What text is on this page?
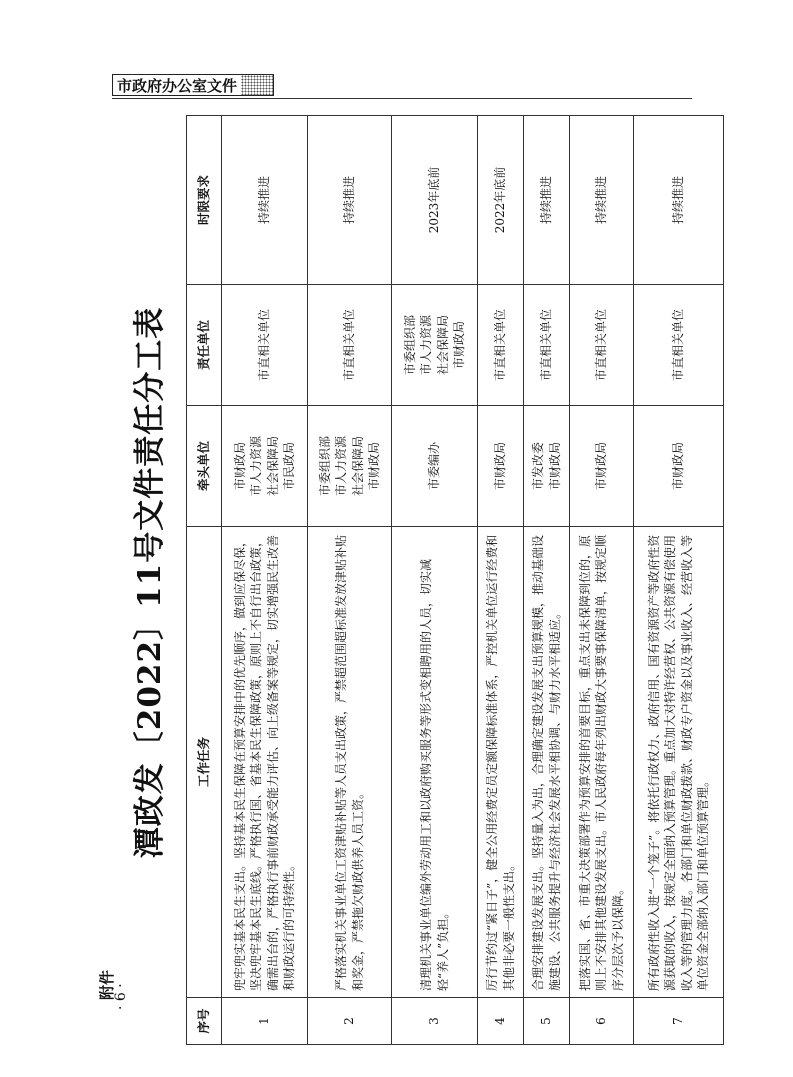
市政府办公室文件
· 6 ·
附件
潭政发〔2022〕11号文件责任分工表
序号	工作任务	牵头单位	责任单位	时限要求
1	兜牢兜实基本民生支出。坚持基本民生保障在预算安排中的优先顺序，做到应保尽保，坚决兜牢基本民生底线。严格执行国、省基本民生保障政策，原则上不自行出台政策，确需出台的，严格执行事前财政承受能力评估、向上级备案等规定，切实增强民生改善和财政运行的可持续性。	市财政局
市人力资源
社会保障局
市民政局	市直相关单位	持续推进
2	严格落实机关事业单位工资津贴补贴等人员支出政策，严禁超范围超标准发放津贴补贴和奖金，严禁拖欠财政供养人员工资。	市委组织部
市人力资源
社会保障局
市财政局	市直相关单位	持续推进
3	清理机关事业单位编外劳动用工和以政府购买服务等形式变相聘用的人员，切实减轻“养人”负担。	市委编办	市委组织部
市人力资源
社会保障局
市财政局	2023年底前
4	厉行节约过“紧日子”，健全公用经费定员定额保障标准体系，严控机关单位运行经费和其他非必要一般性支出。	市财政局	市直相关单位	2022年底前
5	合理安排建设发展支出。坚持量入为出，合理确定建设发展支出预算规模，推动基础设施建设、公共服务提升与经济社会发展水平相协调、与财力水平相适应。	市发改委
市财政局	市直相关单位	持续推进
6	把落实国、省、市重大决策部署作为预算安排的首要目标，重点支出未保障到位的，原则上不安排其他建设发展支出。市人民政府每年列出财政大事要事保障清单，按规定顺序分层次予以保障。	市财政局	市直相关单位	持续推进
7	所有政府性收入进“一个笼子”。将依托行政权力、政府信用、国有资源资产等政府性资源获取的收入，按规定全面纳入预算管理。重点加大对特许经营权、公共资源有偿使用收入等的管理力度。各部门和单位财政拨款、财政专户资金以及事业收入、经营收入等单位资金全部纳入部门和单位预算管理。	市财政局	市直相关单位	持续推进
